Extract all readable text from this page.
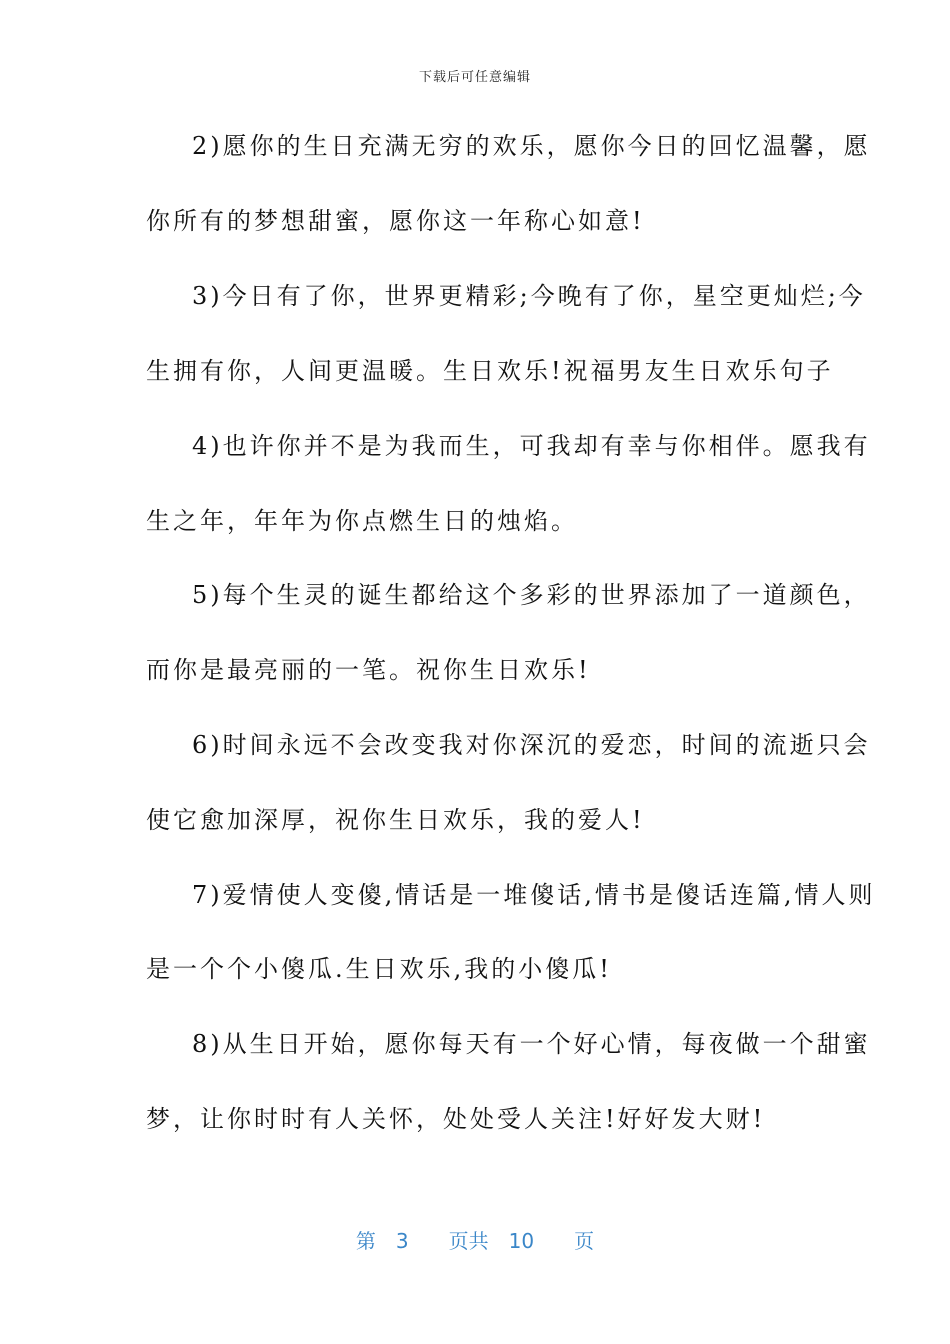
下载后可任意编辑
2)愿你的生日充满无穷的欢乐，愿你今日的回忆温馨，愿
你所有的梦想甜蜜，愿你这一年称心如意!
3)今日有了你，世界更精彩;今晚有了你，星空更灿烂;今
生拥有你，人间更温暖。生日欢乐!祝福男友生日欢乐句子
4)也许你并不是为我而生，可我却有幸与你相伴。愿我有
生之年，年年为你点燃生日的烛焰。
5)每个生灵的诞生都给这个多彩的世界添加了一道颜色，
而你是最亮丽的一笔。祝你生日欢乐!
6)时间永远不会改变我对你深沉的爱恋，时间的流逝只会
使它愈加深厚，祝你生日欢乐，我的爱人!
7)爱情使人变傻,情话是一堆傻话,情书是傻话连篇,情人则
是一个个小傻瓜.生日欢乐,我的小傻瓜!
8)从生日开始，愿你每天有一个好心情，每夜做一个甜蜜
梦，让你时时有人关怀，处处受人关注!好好发大财!
第 3 页共 10 页
